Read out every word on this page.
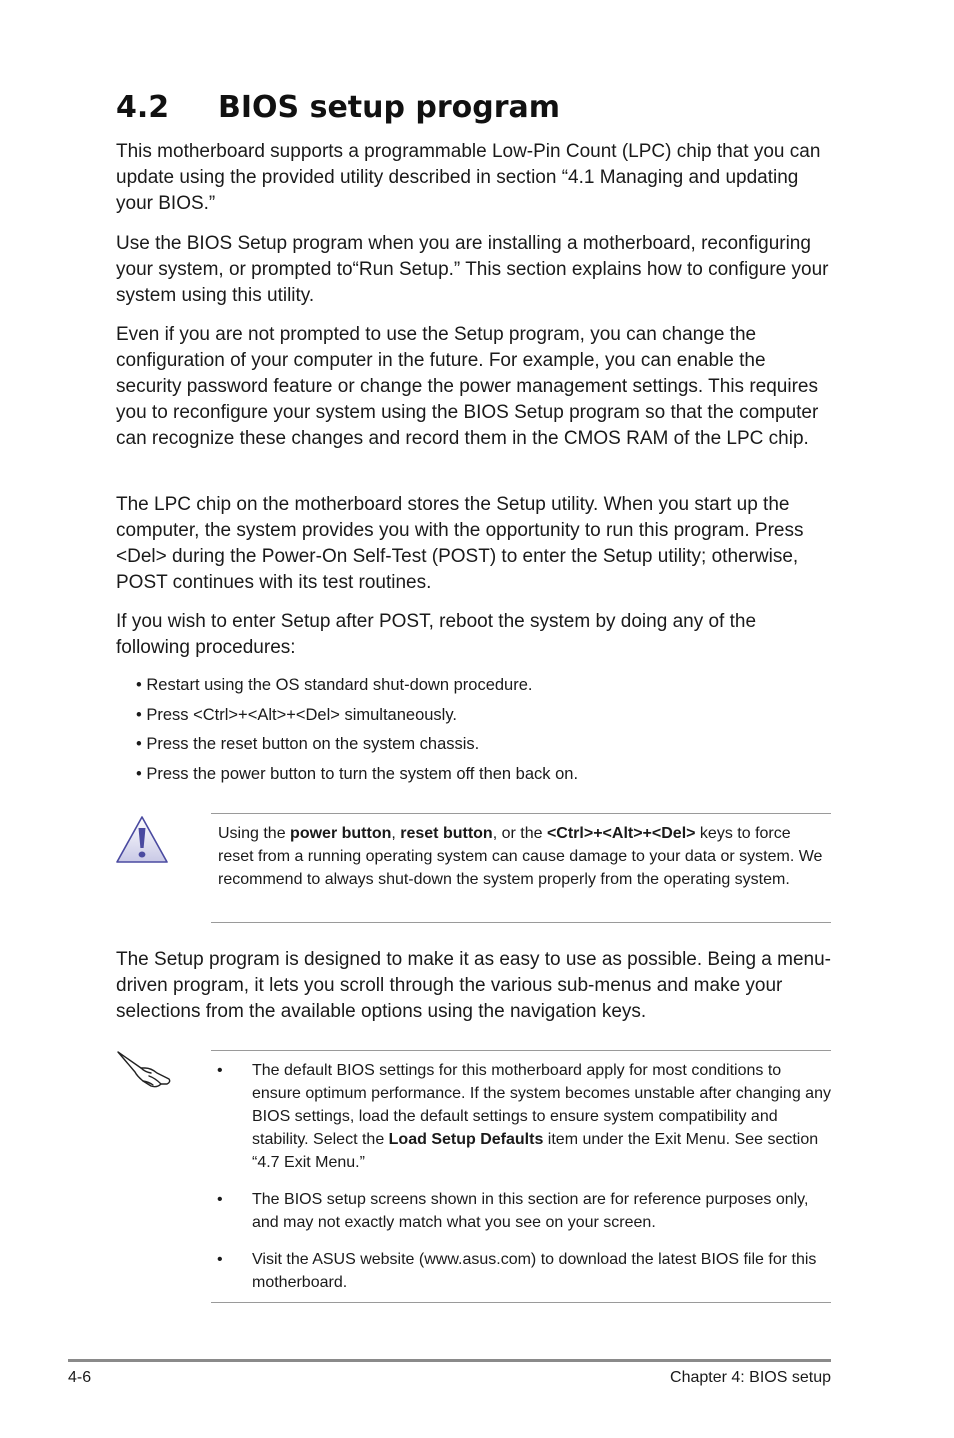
4.2 BIOS setup program

This motherboard supports a programmable Low-Pin Count (LPC) chip that you can update using the provided utility described in section “4.1 Managing and updating your BIOS.”

Use the BIOS Setup program when you are installing a motherboard, reconfiguring your system, or prompted to“Run Setup.” This section explains how to configure your system using this utility.

Even if you are not prompted to use the Setup program, you can change the configuration of your computer in the future. For example, you can enable the security password feature or change the power management settings. This requires you to reconfigure your system using the BIOS Setup program so that the computer can recognize these changes and record them in the CMOS RAM of the LPC chip.

The LPC chip on the motherboard stores the Setup utility. When you start up the computer, the system provides you with the opportunity to run this program. Press <Del> during the Power-On Self-Test (POST) to enter the Setup utility; otherwise, POST continues with its test routines.

If you wish to enter Setup after POST, reboot the system by doing any of the following procedures:

• Restart using the OS standard shut-down procedure.

• Press <Ctrl>+<Alt>+<Del> simultaneously.

• Press the reset button on the system chassis.

• Press the power button to turn the system off then back on.

Using the power button, reset button, or the <Ctrl>+<Alt>+<Del> keys to force reset from a running operating system can cause damage to your data or system. We recommend to always shut-down the system properly from the operating system.

The Setup program is designed to make it as easy to use as possible. Being a menu-driven program, it lets you scroll through the various sub-menus and make your selections from the available options using the navigation keys.

•	The default BIOS settings for this motherboard apply for most conditions to ensure optimum performance. If the system becomes unstable after changing any BIOS settings, load the default settings to ensure system compatibility and stability. Select the Load Setup Defaults item under the Exit Menu. See section “4.7 Exit Menu.”

•	The BIOS setup screens shown in this section are for reference purposes only, and may not exactly match what you see on your screen.

•	Visit the ASUS website (www.asus.com) to download the latest BIOS file for this motherboard.

4-6	Chapter 4: BIOS setup
